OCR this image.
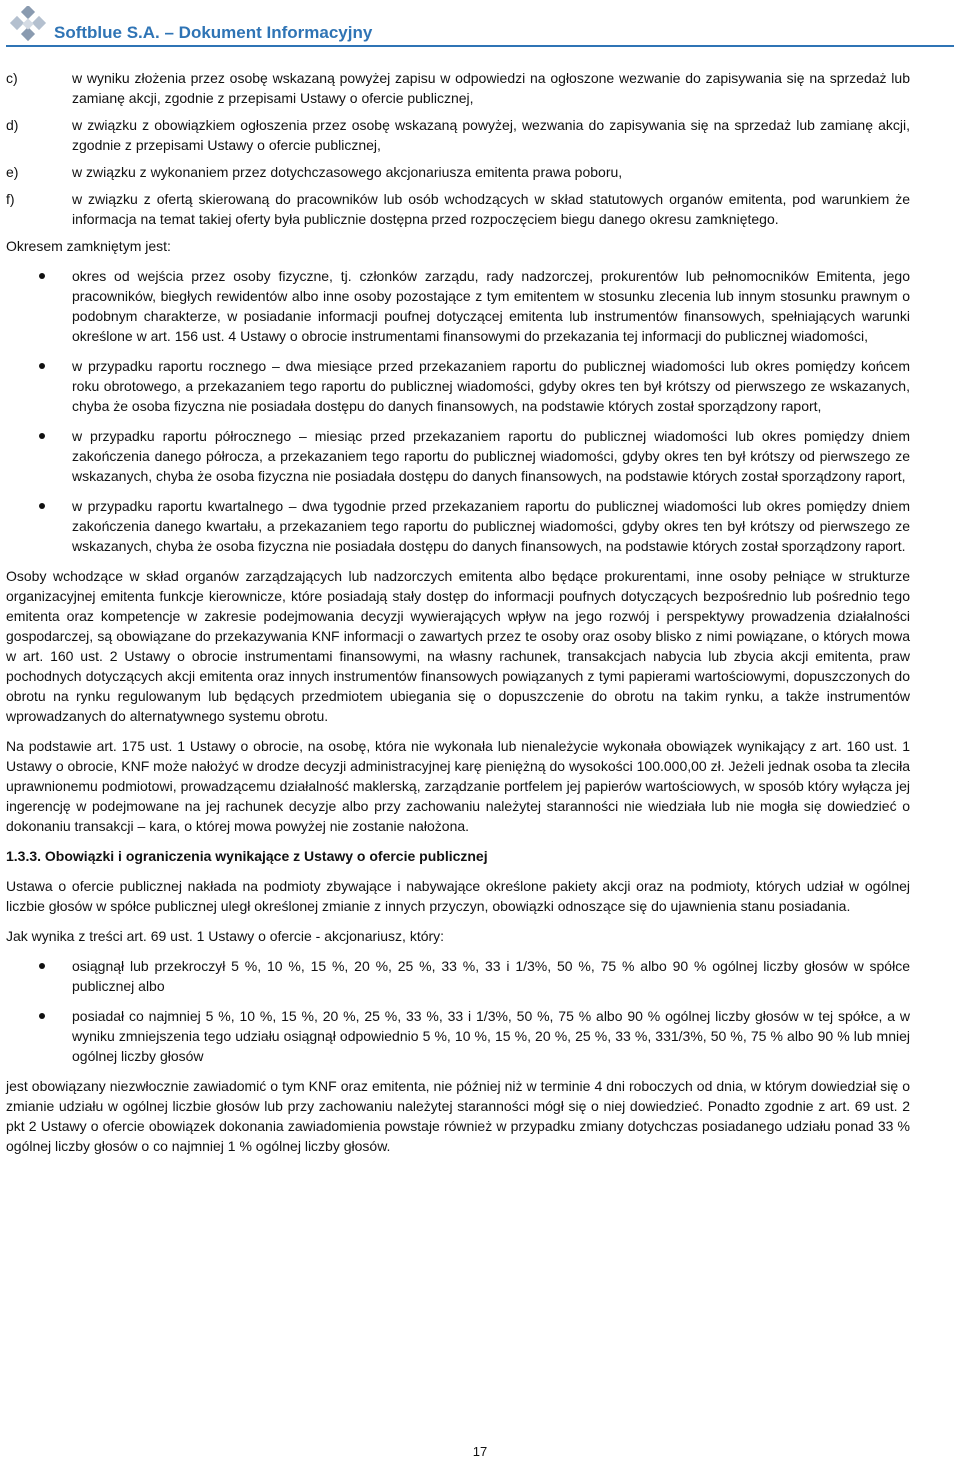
Softblue S.A. – Dokument Informacyjny
c)	w wyniku złożenia przez osobę wskazaną powyżej zapisu w odpowiedzi na ogłoszone wezwanie do zapisywania się na sprzedaż lub zamianę akcji, zgodnie z przepisami Ustawy o ofercie publicznej,
d)	w związku z obowiązkiem ogłoszenia przez osobę wskazaną powyżej, wezwania do zapisywania się na sprzedaż lub zamianę akcji, zgodnie z przepisami Ustawy o ofercie publicznej,
e)	w związku z wykonaniem przez dotychczasowego akcjonariusza emitenta prawa poboru,
f)	w związku z ofertą skierowaną do pracowników lub osób wchodzących w skład statutowych organów emitenta, pod warunkiem że informacja na temat takiej oferty była publicznie dostępna przed rozpoczęciem biegu danego okresu zamkniętego.

Okresem zamkniętym jest:

okres od wejścia przez osoby fizyczne, tj. członków zarządu, rady nadzorczej, prokurentów lub pełnomocników Emitenta, jego pracowników, biegłych rewidentów albo inne osoby pozostające z tym emitentem w stosunku zlecenia lub innym stosunku prawnym o podobnym charakterze, w posiadanie informacji poufnej dotyczącej emitenta lub instrumentów finansowych, spełniających warunki określone w art. 156 ust. 4 Ustawy o obrocie instrumentami finansowymi do przekazania tej informacji do publicznej wiadomości,
w przypadku raportu rocznego – dwa miesiące przed przekazaniem raportu do publicznej wiadomości lub okres pomiędzy końcem roku obrotowego, a przekazaniem tego raportu do publicznej wiadomości, gdyby okres ten był krótszy od pierwszego ze wskazanych, chyba że osoba fizyczna nie posiadała dostępu do danych finansowych, na podstawie których został sporządzony raport,
w przypadku raportu półrocznego – miesiąc przed przekazaniem raportu do publicznej wiadomości lub okres pomiędzy dniem zakończenia danego półrocza, a przekazaniem tego raportu do publicznej wiadomości, gdyby okres ten był krótszy od pierwszego ze wskazanych, chyba że osoba fizyczna nie posiadała dostępu do danych finansowych, na podstawie których został sporządzony raport,
w przypadku raportu kwartalnego – dwa tygodnie przed przekazaniem raportu do publicznej wiadomości lub okres pomiędzy dniem zakończenia danego kwartału, a przekazaniem tego raportu do publicznej wiadomości, gdyby okres ten był krótszy od pierwszego ze wskazanych, chyba że osoba fizyczna nie posiadała dostępu do danych finansowych, na podstawie których został sporządzony raport.

Osoby wchodzące w skład organów zarządzających lub nadzorczych emitenta albo będące prokurentami, inne osoby pełniące w strukturze organizacyjnej emitenta funkcje kierownicze, które posiadają stały dostęp do informacji poufnych dotyczących bezpośrednio lub pośrednio tego emitenta oraz kompetencje w zakresie podejmowania decyzji wywierających wpływ na jego rozwój i perspektywy prowadzenia działalności gospodarczej, są obowiązane do przekazywania KNF informacji o zawartych przez te osoby oraz osoby blisko z nimi powiązane, o których mowa w art. 160 ust. 2 Ustawy o obrocie instrumentami finansowymi, na własny rachunek, transakcjach nabycia lub zbycia akcji emitenta, praw pochodnych dotyczących akcji emitenta oraz innych instrumentów finansowych powiązanych z tymi papierami wartościowymi, dopuszczonych do obrotu na rynku regulowanym lub będących przedmiotem ubiegania się o dopuszczenie do obrotu na takim rynku, a także instrumentów wprowadzanych do alternatywnego systemu obrotu.

Na podstawie art. 175 ust. 1 Ustawy o obrocie, na osobę, która nie wykonała lub nienależycie wykonała obowiązek wynikający z art. 160 ust. 1 Ustawy o obrocie, KNF może nałożyć w drodze decyzji administracyjnej karę pieniężną do wysokości 100.000,00 zł. Jeżeli jednak osoba ta zleciła uprawnionemu podmiotowi, prowadzącemu działalność maklerską, zarządzanie portfelem jej papierów wartościowych, w sposób który wyłącza jej ingerencję w podejmowane na jej rachunek decyzje albo przy zachowaniu należytej staranności nie wiedziała lub nie mogła się dowiedzieć o dokonaniu transakcji – kara, o której mowa powyżej nie zostanie nałożona.

1.3.3. Obowiązki i ograniczenia wynikające z Ustawy o ofercie publicznej

Ustawa o ofercie publicznej nakłada na podmioty zbywające i nabywające określone pakiety akcji oraz na podmioty, których udział w ogólnej liczbie głosów w spółce publicznej uległ określonej zmianie z innych przyczyn, obowiązki odnoszące się do ujawnienia stanu posiadania.

Jak wynika z treści art. 69 ust. 1 Ustawy o ofercie - akcjonariusz, który:

osiągnął lub przekroczył 5 %, 10 %, 15 %, 20 %, 25 %, 33 %, 33 i 1/3%, 50 %, 75 % albo 90 % ogólnej liczby głosów w spółce publicznej albo
posiadał co najmniej 5 %, 10 %, 15 %, 20 %, 25 %, 33 %, 33 i 1/3%, 50 %, 75 % albo 90 % ogólnej liczby głosów w tej spółce, a w wyniku zmniejszenia tego udziału osiągnął odpowiednio 5 %, 10 %, 15 %, 20 %, 25 %, 33 %, 331/3%, 50 %, 75 % albo 90 % lub mniej ogólnej liczby głosów

jest obowiązany niezwłocznie zawiadomić o tym KNF oraz emitenta, nie później niż w terminie 4 dni roboczych od dnia, w którym dowiedział się o zmianie udziału w ogólnej liczbie głosów lub przy zachowaniu należytej staranności mógł się o niej dowiedzieć. Ponadto zgodnie z art. 69 ust. 2 pkt 2 Ustawy o ofercie obowiązek dokonania zawiadomienia powstaje również w przypadku zmiany dotychczas posiadanego udziału ponad 33 % ogólnej liczby głosów o co najmniej 1 % ogólnej liczby głosów.

17
